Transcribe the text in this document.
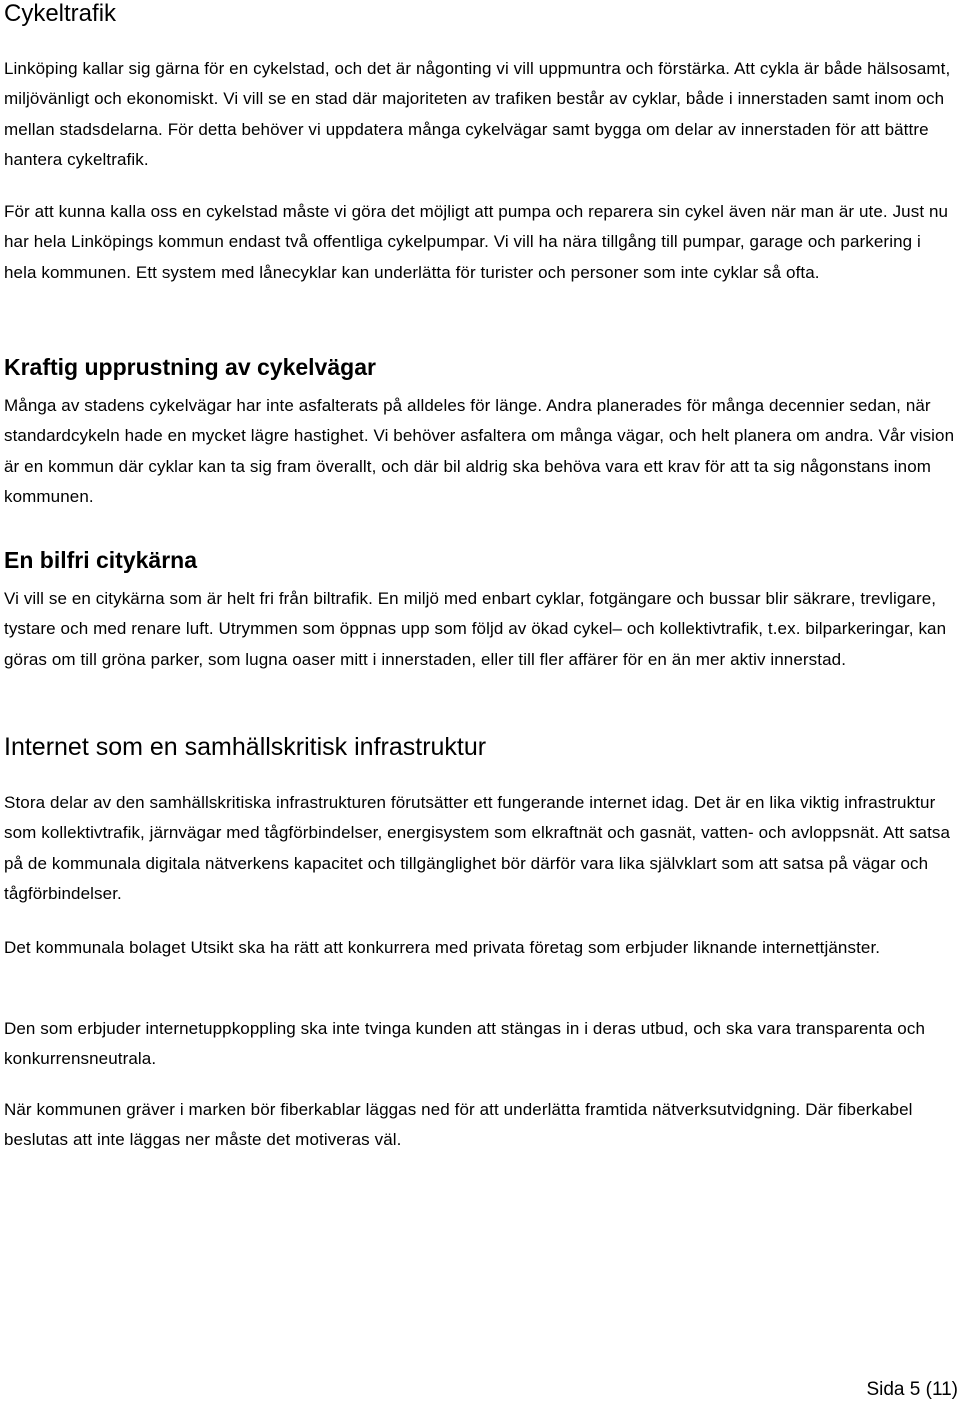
Cykeltrafik

Linköping kallar sig gärna för en cykelstad, och det är någonting vi vill uppmuntra och förstärka. Att cykla är både hälsosamt, miljövänligt och ekonomiskt. Vi vill se en stad där majoriteten av trafiken består av cyklar, både i innerstaden samt inom och mellan stadsdelarna. För detta behöver vi uppdatera många cykelvägar samt bygga om delar av innerstaden för att bättre hantera cykeltrafik.

För att kunna kalla oss en cykelstad måste vi göra det möjligt att pumpa och reparera sin cykel även när man är ute. Just nu har hela Linköpings kommun endast två offentliga cykelpumpar. Vi vill ha nära tillgång till pumpar, garage och parkering i hela kommunen. Ett system med lånecyklar kan underlätta för turister och personer som inte cyklar så ofta.

Kraftig upprustning av cykelvägar

Många av stadens cykelvägar har inte asfalterats på alldeles för länge. Andra planerades för många decennier sedan, när standardcykeln hade en mycket lägre hastighet. Vi behöver asfaltera om många vägar, och helt planera om andra. Vår vision är en kommun där cyklar kan ta sig fram överallt, och där bil aldrig ska behöva vara ett krav för att ta sig någonstans inom kommunen.

En bilfri citykärna

Vi vill se en citykärna som är helt fri från biltrafik. En miljö med enbart cyklar, fotgängare och bussar blir säkrare, trevligare, tystare och med renare luft. Utrymmen som öppnas upp som följd av ökad cykel– och kollektivtrafik, t.ex. bilparkeringar, kan göras om till gröna parker, som lugna oaser mitt i innerstaden, eller till fler affärer för en än mer aktiv innerstad.

Internet som en samhällskritisk infrastruktur

Stora delar av den samhällskritiska infrastrukturen förutsätter ett fungerande internet idag. Det är en lika viktig infrastruktur som kollektivtrafik, järnvägar med tågförbindelser, energisystem som elkraftnät och gasnät, vatten- och avloppsnät. Att satsa på de kommunala digitala nätverkens kapacitet och tillgänglighet bör därför vara lika självklart som att satsa på vägar och tågförbindelser.

Det kommunala bolaget Utsikt ska ha rätt att konkurrera med privata företag som erbjuder liknande internettjänster.

Den som erbjuder internetuppkoppling ska inte tvinga kunden att stängas in i deras utbud, och ska vara transparenta och konkurrensneutrala.

När kommunen gräver i marken bör fiberkablar läggas ned för att underlätta framtida nätverksutvidgning. Där fiberkabel beslutas att inte läggas ner måste det motiveras väl.

Sida 5 (11)
